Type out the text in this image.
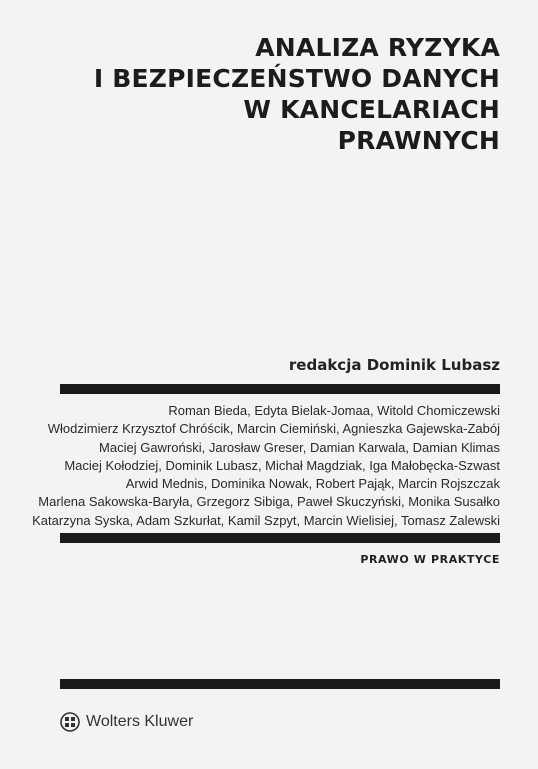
ANALIZA RYZYKA
I BEZPIECZEŃSTWO DANYCH
W KANCELARIACH
PRAWNYCH
redakcja Dominik Lubasz
Roman Bieda, Edyta Bielak-Jomaa, Witold Chomiczewski
Włodzimierz Krzysztof Chróścik, Marcin Ciemiński, Agnieszka Gajewska-Zabój
Maciej Gawroński, Jarosław Greser, Damian Karwala, Damian Klimas
Maciej Kołodziej, Dominik Lubasz, Michał Magdziak, Iga Małobęcka-Szwast
Arwid Mednis, Dominika Nowak, Robert Pająk, Marcin Rojszczak
Marlena Sakowska-Baryła, Grzegorz Sibiga, Paweł Skuczyński, Monika Susałko
Katarzyna Syska, Adam Szkurłat, Kamil Szpyt, Marcin Wielisiej, Tomasz Zalewski
PRAWO W PRAKTYCE
Wolters Kluwer
